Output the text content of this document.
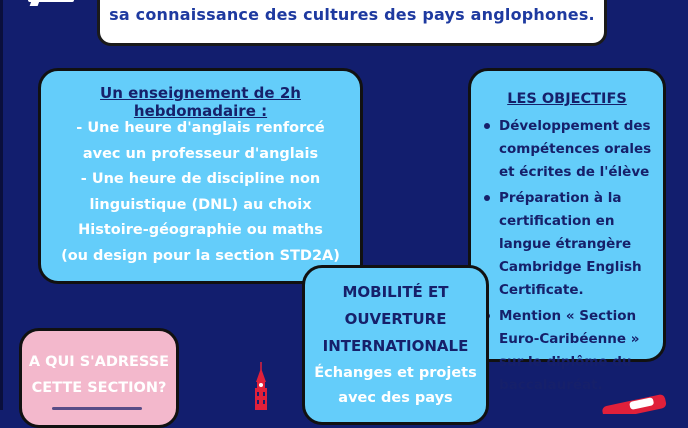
sa connaissance des cultures des pays anglophones.
Un enseignement de 2h hebdomadaire :
- Une heure d'anglais renforcé
avec un professeur d'anglais
- Une heure de discipline non
linguistique (DNL) au choix
Histoire-géographie ou maths
(ou design pour la section STD2A)
LES OBJECTIFS
Développement des compétences orales et écrites de l'élève
Préparation à la certification en langue étrangère Cambridge English Certificate.
Mention « Section Euro-Caribéenne » sur le diplôme du baccalauréat.
MOBILITÉ ET
OUVERTURE
INTERNATIONALE
Échanges et projets
avec des pays
A QUI S'ADRESSE
CETTE SECTION?
